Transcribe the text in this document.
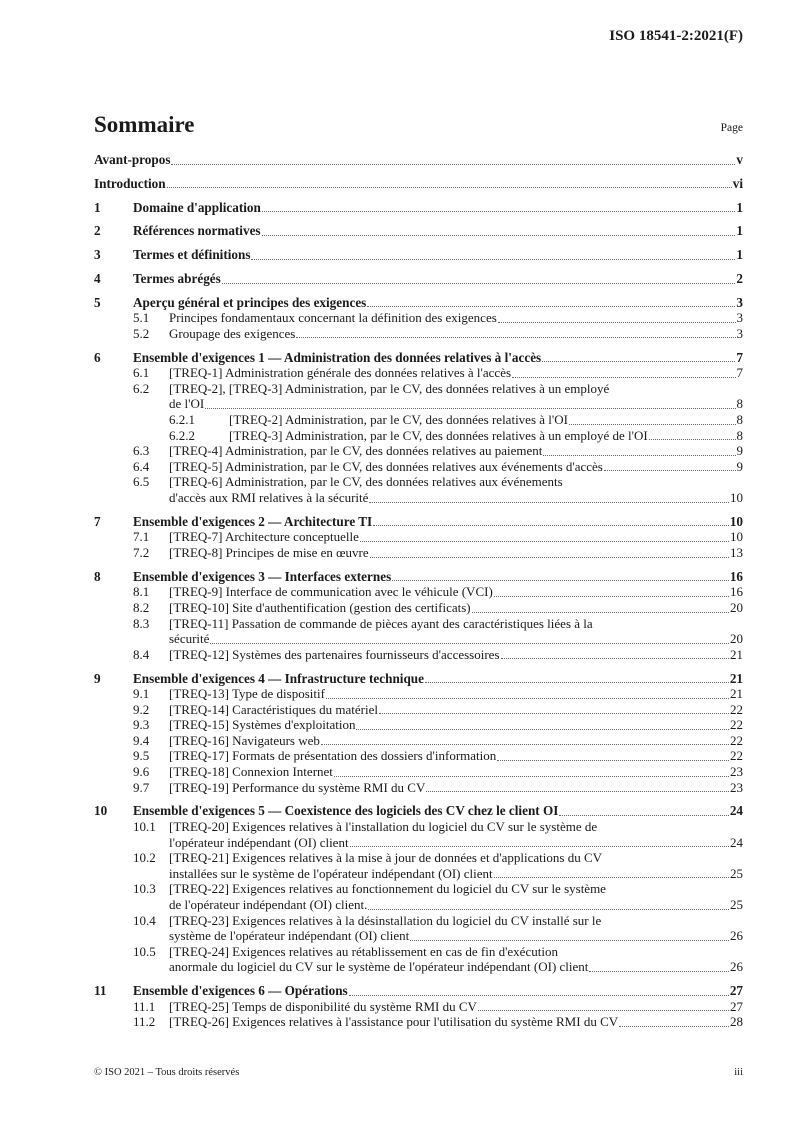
ISO 18541-2:2021(F)
Sommaire	Page
Avant-propos	v
Introduction	vi
1	Domaine d'application	1
2	Références normatives	1
3	Termes et définitions	1
4	Termes abrégés	2
5	Aperçu général et principes des exigences	3
5.1	Principes fondamentaux concernant la définition des exigences	3
5.2	Groupage des exigences	3
6	Ensemble d'exigences 1 — Administration des données relatives à l'accès	7
6.1	[TREQ-1] Administration générale des données relatives à l'accès	7
6.2	[TREQ-2], [TREQ-3] Administration, par le CV, des données relatives à un employé
de l'OI	8
6.2.1	[TREQ-2] Administration, par le CV, des données relatives à l'OI	8
6.2.2	[TREQ-3] Administration, par le CV, des données relatives à un employé de l'OI	8
6.3	[TREQ-4] Administration, par le CV, des données relatives au paiement	9
6.4	[TREQ-5] Administration, par le CV, des données relatives aux événements d'accès	9
6.5	[TREQ-6] Administration, par le CV, des données relatives aux événements
d'accès aux RMI relatives à la sécurité	10
7	Ensemble d'exigences 2 — Architecture TI	10
7.1	[TREQ-7] Architecture conceptuelle	10
7.2	[TREQ-8] Principes de mise en œuvre	13
8	Ensemble d'exigences 3 — Interfaces externes	16
8.1	[TREQ-9] Interface de communication avec le véhicule (VCI)	16
8.2	[TREQ-10] Site d'authentification (gestion des certificats)	20
8.3	[TREQ-11] Passation de commande de pièces ayant des caractéristiques liées à la
sécurité	20
8.4	[TREQ-12] Systèmes des partenaires fournisseurs d'accessoires	21
9	Ensemble d'exigences 4 — Infrastructure technique	21
9.1	[TREQ-13] Type de dispositif	21
9.2	[TREQ-14] Caractéristiques du matériel	22
9.3	[TREQ-15] Systèmes d'exploitation	22
9.4	[TREQ-16] Navigateurs web	22
9.5	[TREQ-17] Formats de présentation des dossiers d'information	22
9.6	[TREQ-18] Connexion Internet	23
9.7	[TREQ-19] Performance du système RMI du CV	23
10	Ensemble d'exigences 5 — Coexistence des logiciels des CV chez le client OI	24
10.1	[TREQ-20] Exigences relatives à l'installation du logiciel du CV sur le système de
l'opérateur indépendant (OI) client	24
10.2	[TREQ-21] Exigences relatives à la mise à jour de données et d'applications du CV
installées sur le système de l'opérateur indépendant (OI) client	25
10.3	[TREQ-22] Exigences relatives au fonctionnement du logiciel du CV sur le système
de l'opérateur indépendant (OI) client.	25
10.4	[TREQ-23] Exigences relatives à la désinstallation du logiciel du CV installé sur le
système de l'opérateur indépendant (OI) client	26
10.5	[TREQ-24] Exigences relatives au rétablissement en cas de fin d'exécution
anormale du logiciel du CV sur le système de l'opérateur indépendant (OI) client	26
11	Ensemble d'exigences 6 — Opérations	27
11.1	[TREQ-25] Temps de disponibilité du système RMI du CV	27
11.2	[TREQ-26] Exigences relatives à l'assistance pour l'utilisation du système RMI du CV	28
© ISO 2021 – Tous droits réservés	iii
